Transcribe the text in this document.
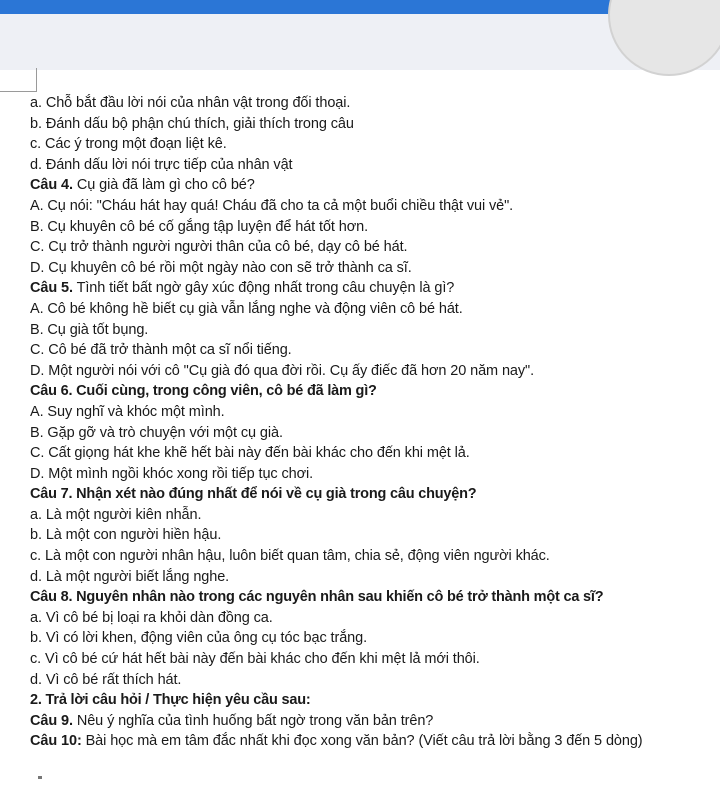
a. Chỗ bắt đầu lời nói của nhân vật trong đối thoại.
b. Đánh dấu bộ phận chú thích, giải thích trong câu
c. Các ý trong một đoạn liệt kê.
d. Đánh dấu lời nói trực tiếp của nhân vật
Câu 4. Cụ già đã làm gì cho cô bé?
A. Cụ nói: "Cháu hát hay quá! Cháu đã cho ta cả một buổi chiều thật vui vẻ".
B. Cụ khuyên cô bé cố gắng tập luyện để hát tốt hơn.
C. Cụ trở thành người người thân của cô bé, dạy cô bé hát.
D. Cụ khuyên cô bé rồi một ngày nào con sẽ trở thành ca sĩ.
Câu 5. Tình tiết bất ngờ gây xúc động nhất trong câu chuyện là gì?
A. Cô bé không hề biết cụ già vẫn lắng nghe và động viên cô bé hát.
B. Cụ già tốt bụng.
C. Cô bé đã trở thành một ca sĩ nổi tiếng.
D. Một người nói với cô "Cụ già đó qua đời rồi. Cụ ấy điếc đã hơn 20 năm nay".
Câu 6. Cuối cùng, trong công viên, cô bé đã làm gì?
A. Suy nghĩ và khóc một mình.
B. Gặp gỡ và trò chuyện với một cụ già.
C. Cất giọng hát khe khẽ hết bài này đến bài khác cho đến khi mệt lả.
D. Một mình ngồi khóc xong rồi tiếp tục chơi.
Câu 7. Nhận xét nào đúng nhất để nói về cụ già trong câu chuyện?
a. Là một người kiên nhẫn.
b. Là một con người hiền hậu.
c. Là một con người nhân hậu, luôn biết quan tâm, chia sẻ, động viên người khác.
d. Là một người biết lắng nghe.
Câu 8. Nguyên nhân nào trong các nguyên nhân sau khiến cô bé trở thành một ca sĩ?
a. Vì cô bé bị loại ra khỏi dàn đồng ca.
b. Vì có lời khen, động viên của ông cụ tóc bạc trắng.
c. Vì cô bé cứ hát hết bài này đến bài khác cho đến khi mệt lả mới thôi.
d. Vì cô bé rất thích hát.
2. Trả lời câu hỏi / Thực hiện yêu cầu sau:
Câu 9. Nêu ý nghĩa của tình huống bất ngờ trong văn bản trên?
Câu 10: Bài học mà em tâm đắc nhất khi đọc xong văn bản? (Viết câu trả lời bằng 3 đến 5 dòng)
